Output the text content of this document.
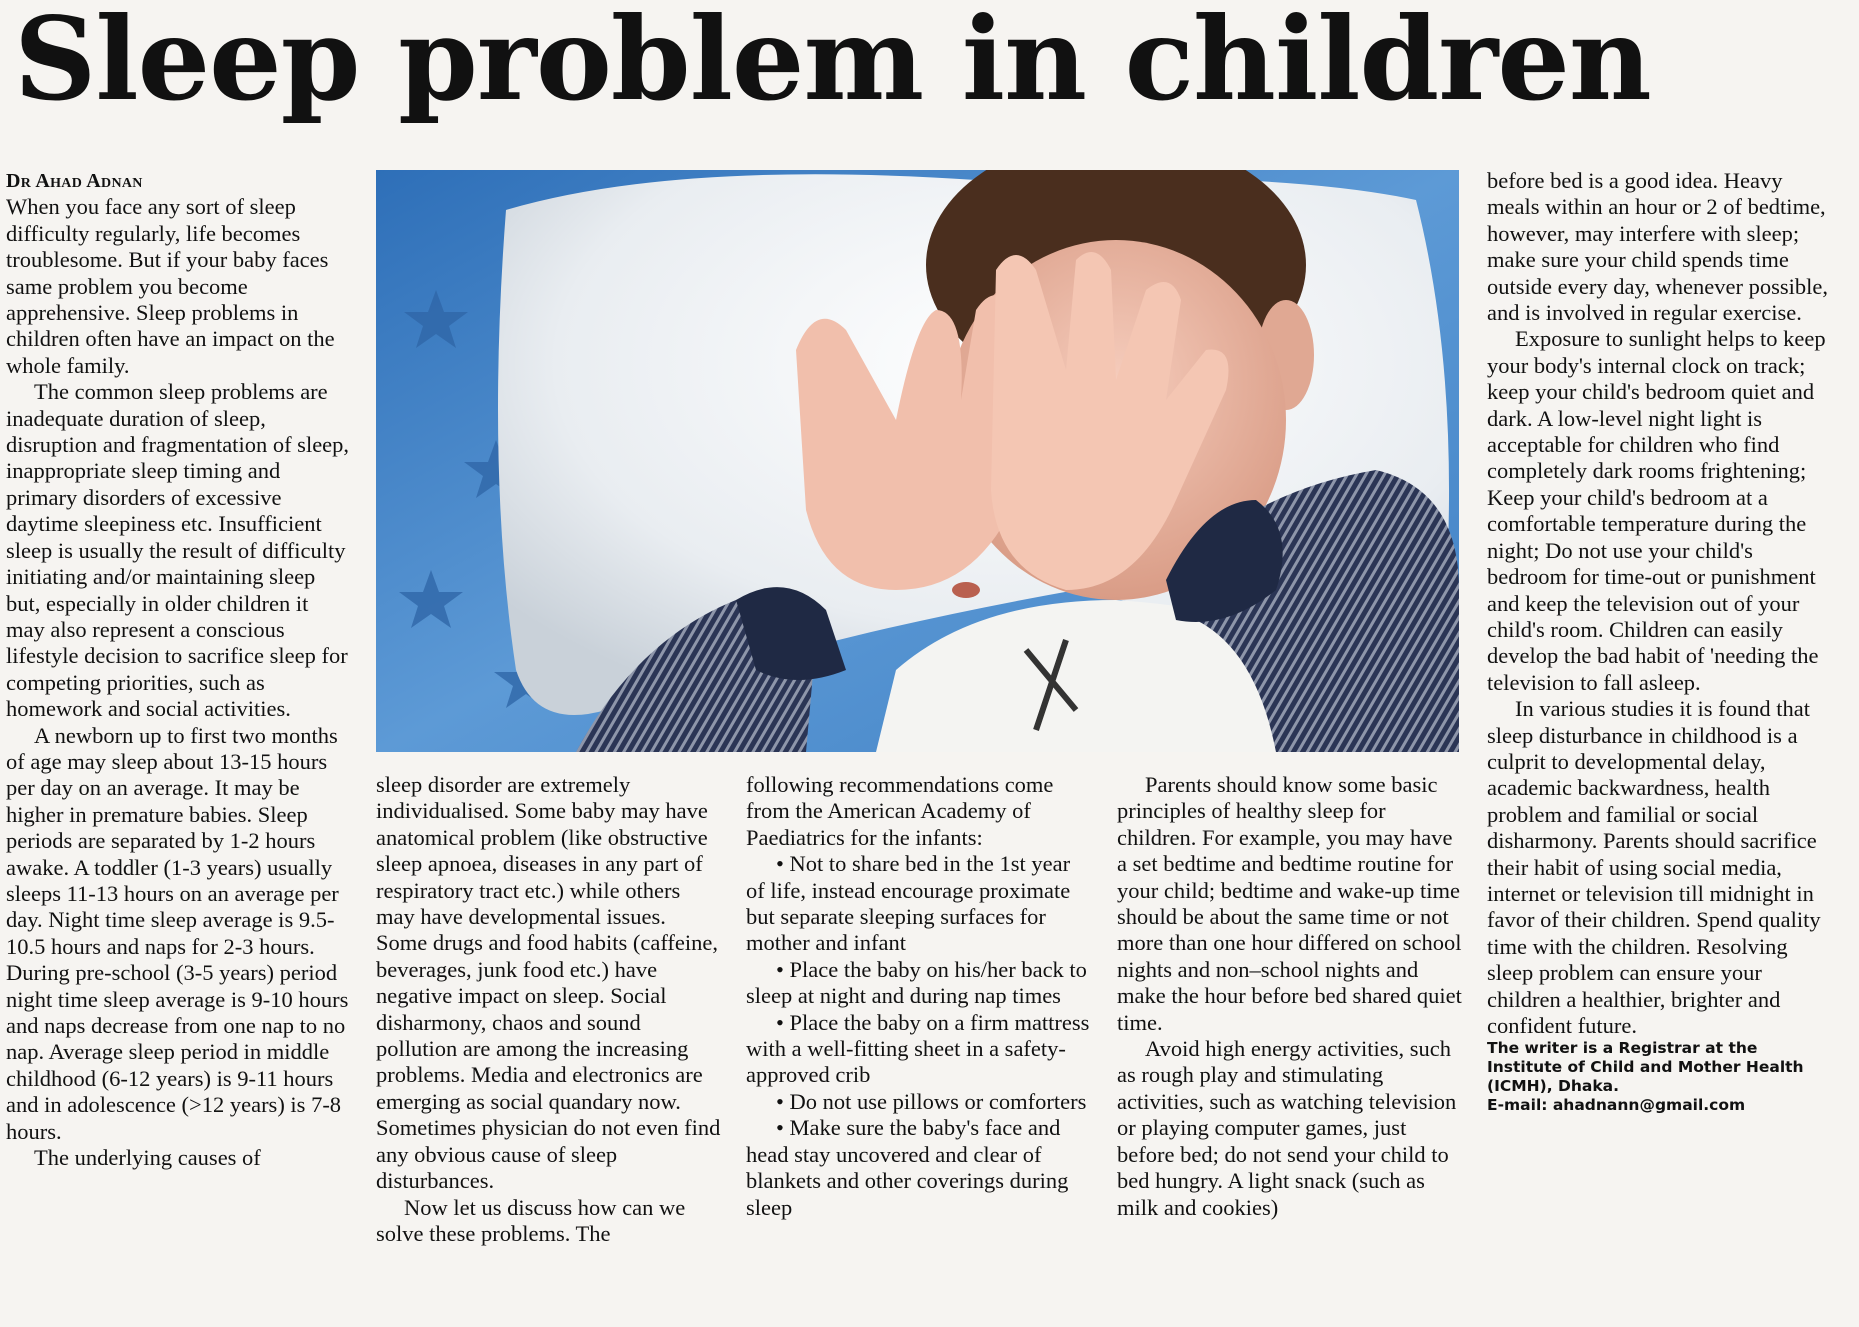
Sleep problem in children

Dr Ahad Adnan

When you face any sort of sleep difficulty regularly, life becomes troublesome. But if your baby faces same problem you become apprehensive. Sleep problems in children often have an impact on the whole family.

The common sleep problems are inadequate duration of sleep, disruption and fragmentation of sleep, inappropriate sleep timing and primary disorders of excessive daytime sleepiness etc. Insufficient sleep is usually the result of difficulty initiating and/or maintaining sleep but, especially in older children it may also represent a conscious lifestyle decision to sacrifice sleep for competing priorities, such as homework and social activities.

A newborn up to first two months of age may sleep about 13-15 hours per day on an average. It may be higher in premature babies. Sleep periods are separated by 1-2 hours awake. A toddler (1-3 years) usually sleeps 11-13 hours on an average per day. Night time sleep average is 9.5-10.5 hours and naps for 2-3 hours. During pre-school (3-5 years) period night time sleep average is 9-10 hours and naps decrease from one nap to no nap. Average sleep period in middle childhood (6-12 years) is 9-11 hours and in adolescence (>12 years) is 7-8 hours.

The underlying causes of

sleep disorder are extremely individualised. Some baby may have anatomical problem (like obstructive sleep apnoea, diseases in any part of respiratory tract etc.) while others may have developmental issues. Some drugs and food habits (caffeine, beverages, junk food etc.) have negative impact on sleep. Social disharmony, chaos and sound pollution are among the increasing problems. Media and electronics are emerging as social quandary now. Sometimes physician do not even find any obvious cause of sleep disturbances.

Now let us discuss how can we solve these problems. The

following recommendations come from the American Academy of Paediatrics for the infants:

• Not to share bed in the 1st year of life, instead encourage proximate but separate sleeping surfaces for mother and infant

• Place the baby on his/her back to sleep at night and during nap times

• Place the baby on a firm mattress with a well-fitting sheet in a safety-approved crib

• Do not use pillows or comforters

• Make sure the baby's face and head stay uncovered and clear of blankets and other coverings during sleep

Parents should know some basic principles of healthy sleep for children. For example, you may have a set bedtime and bedtime routine for your child; bedtime and wake-up time should be about the same time or not more than one hour differed on school nights and non–school nights and make the hour before bed shared quiet time.

Avoid high energy activities, such as rough play and stimulating activities, such as watching television or playing computer games, just before bed; do not send your child to bed hungry. A light snack (such as milk and cookies)

before bed is a good idea. Heavy meals within an hour or 2 of bedtime, however, may interfere with sleep; make sure your child spends time outside every day, whenever possible, and is involved in regular exercise.

Exposure to sunlight helps to keep your body's internal clock on track; keep your child's bedroom quiet and dark. A low-level night light is acceptable for children who find completely dark rooms frightening; Keep your child's bedroom at a comfortable temperature during the night; Do not use your child's bedroom for time-out or punishment and keep the television out of your child's room. Children can easily develop the bad habit of 'needing the television to fall asleep.

In various studies it is found that sleep disturbance in childhood is a culprit to developmental delay, academic backwardness, health problem and familial or social disharmony. Parents should sacrifice their habit of using social media, internet or television till midnight in favor of their children. Spend quality time with the children. Resolving sleep problem can ensure your children a healthier, brighter and confident future.

The writer is a Registrar at the Institute of Child and Mother Health (ICMH), Dhaka.
E-mail: ahadnann@gmail.com
